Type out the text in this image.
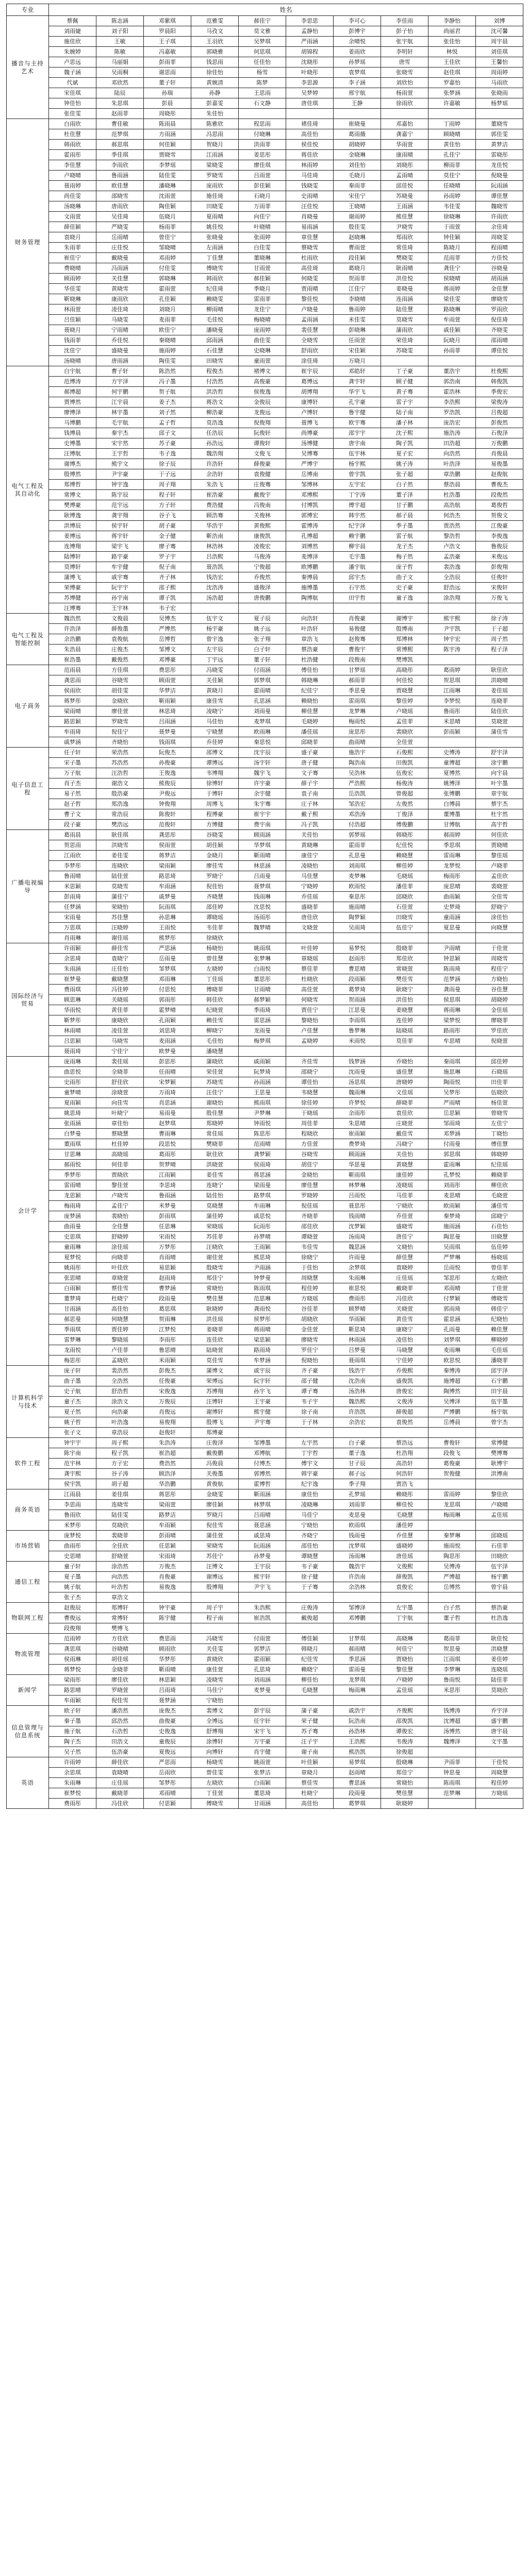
专业	姓名									
播音与主持艺术	蔡佩	陈志涵	邓紫琪	范雅雯	郝佳宁	李思思	李可心	李佳雨	李静怡	刘博
	刘雨婕	刘子阳	罗晨阳	马孜文	莫文雅	孟静怡	彭博宇	彭子怡	尚丽君	沈可馨
	施佳欣	王敏	王子琪	王羽欣	吴梦琪	严雨涵	余晴悦	张宇航	张佳怡	周宇晨
	朱婉婷	陈敏	冯嘉敏	郭晓雅	何思琪	胡锦程	姜雨欣	李明轩	林悦	刘佳琪
	卢思远	马丽娟	彭雨菲	钱思雨	任佳怡	沈晓彤	孙梦瑶	唐雪	王佳欣	王馨怡
	魏子涵	吴雨桐	谢思雨	徐佳怡	杨雪	叶晓彤	袁梦琪	张晓雪	赵佳琪	周雨婷
	代斌	邓欣然	董子轩	黄婉清	陈梦	李思源	李子涵	刘欣怡	罗嘉怡	马雨欣
	宋佳琪	陆辰	孙瑞	孙静	王思雨	吴梦婷	邢宇航	杨雨萱	张梦涵	张晓雨
	钟佳怡	朱思琪	彭晨	彭嘉雯	石文静	唐佳琪	王静	徐雨欣	许嘉敏	杨梦瑶
	张佳雯	赵雨菲	周晓彤	朱佳怡						
财务管理	白雨欣	曹佳敏	陈雨晨	陈雅欣	程思雨	褚佳琦	崔晓曼	邓嘉怡	丁雨婷	董晓雪
	杜佳慧	范梦琪	方雨涵	冯思雨	付晓琳	高佳怡	葛雨薇	龚嘉宁	顾晓晴	郭佳雯
	韩雨欣	郝思琪	何佳颖	贺晓月	洪雨菲	侯佳悦	胡晓婷	华雨萱	黄佳怡	黄梦洁
	霍雨彤	季佳琪	贾晓雪	江雨涵	姜思彤	蒋佳欣	金晓琳	康雨晴	孔佳宁	雷晓彤
	李佳慧	李雨欣	李梦瑶	梁晓雯	廖佳琪	林雨婷	刘佳怡	刘晓彤	柳雨菲	龙佳悦
	卢晓晴	鲁雨涵	陆佳雯	罗晓雪	吕雨萱	马佳琦	毛晓月	孟雨晴	莫佳宁	倪晓曼
	聂雨婷	欧佳慧	潘晓琳	庞雨欣	彭佳颖	钱晓雯	秦雨菲	邱佳悦	任晓晴	阮雨涵
	尚佳雯	邵晓雪	沈雨萱	施佳琦	石晓月	史雨晴	宋佳宁	苏晓曼	孙雨婷	谭佳慧
	汤晓琳	唐雨欣	陶佳颖	田晓雯	万雨菲	汪佳悦	王晓晴	王雨涵	韦佳雯	魏晓雪
	文雨萱	吴佳琦	伍晓月	夏雨晴	向佳宁	肖晓曼	谢雨婷	熊佳慧	徐晓琳	许雨欣
	薛佳颖	严晓雯	杨雨菲	姚佳悦	叶晓晴	易雨涵	殷佳雯	尹晓雪	于雨萱	余佳琦
	袁晓月	岳雨晴	曾佳宁	张晓曼	张雨婷	章佳慧	赵晓琳	郑雨欣	钟佳颖	周晓雯
	朱雨菲	庄佳悦	邹晓晴	左雨涵	白佳雯	蔡晓雪	曹雨萱	常佳琦	陈晓月	程雨晴
	崔佳宁	戴晓曼	邓雨婷	丁佳慧	董晓琳	杜雨欣	段佳颖	樊晓雯	范雨菲	方佳悦
	费晓晴	冯雨涵	付佳雯	傅晓雪	甘雨萱	高佳琦	葛晓月	耿雨晴	龚佳宁	谷晓曼
	顾雨婷	关佳慧	郭晓琳	韩雨欣	郝佳颖	何晓雯	贺雨菲	洪佳悦	侯晓晴	胡雨涵
	华佳雯	黄晓雪	霍雨萱	纪佳琦	季晓月	贾雨晴	江佳宁	姜晓曼	蒋雨婷	金佳慧
	靳晓琳	康雨欣	孔佳颖	赖晓雯	雷雨菲	黎佳悦	李晓晴	连雨涵	梁佳雯	廖晓雪
	林雨萱	凌佳琦	刘晓月	柳雨晴	龙佳宁	卢晓曼	鲁雨婷	陆佳慧	路晓琳	罗雨欣
	吕佳颖	马晓雯	麦雨菲	毛佳悦	梅晓晴	孟雨涵	米佳雯	莫晓雪	牟雨萱	倪佳琦
	聂晓月	宁雨晴	欧佳宁	潘晓曼	庞雨婷	裴佳慧	彭晓琳	蒲雨欣	戚佳颖	齐晓雯
	钱雨菲	乔佳悦	秦晓晴	邱雨涵	曲佳雯	全晓雪	任雨萱	荣佳琦	阮晓月	邵雨晴
	沈佳宁	盛晓曼	施雨婷	石佳慧	史晓琳	舒雨欣	宋佳颖	苏晓雯	孙雨菲	谭佳悦
	汤晓晴	唐雨涵	陶佳雯	田晓雪	童雨萱	涂佳琦	万晓月			
电气工程及其自动化	白宇航	曹子轩	陈浩然	程俊杰	褚博文	崔宇辰	邓皓轩	丁子豪	董浩宇	杜俊熙
	范博涛	方宇泽	冯子墨	付浩然	高俊豪	葛博远	龚宇轩	顾子健	郭浩南	韩俊凯
	郝博超	何宇鹏	贺子航	洪浩哲	侯俊逸	胡博翔	华宇飞	黄子骞	霍浩林	季俊宏
	贾博然	江宇晨	姜子杰	蒋浩文	金俊辰	康博轩	孔宇豪	雷子宇	李浩熙	梁俊涛
	廖博泽	林宇墨	刘子然	柳浩豪	龙俊远	卢博轩	鲁宇健	陆子南	罗浩凯	吕俊超
	马博鹏	毛宇航	孟子哲	莫浩逸	倪俊翔	聂博飞	欧宇骞	潘子林	庞浩宏	彭俊然
	钱博晨	秦宇杰	邱子文	任浩辰	阮俊轩	尚博豪	邵宇宇	沈子熙	施浩涛	石俊泽
	史博墨	宋宇然	苏子豪	孙浩远	谭俊轩	汤博健	唐宇南	陶子凯	田浩超	万俊鹏
	汪博航	王宇哲	韦子逸	魏浩翔	文俊飞	吴博骞	伍宇林	夏子宏	向浩然	肖俊晨
	谢博杰	熊宇文	徐子辰	许浩轩	薛俊豪	严博宇	杨宇熙	姚子涛	叶浩泽	易俊墨
	殷博然	尹宇豪	于子远	余浩轩	袁俊健	岳博南	曾宇凯	张子超	章浩鹏	赵俊航
	郑博哲	钟宇逸	周子翔	朱浩飞	庄俊骞	邹博林	左宇宏	白子然	蔡浩晨	曹俊杰
	常博文	陈宇辰	程子轩	崔浩豪	戴俊宇	邓博熙	丁宇涛	董子泽	杜浩墨	段俊然
	樊博豪	范宇远	方子轩	费浩健	冯俊南	付博凯	傅宇超	甘子鹏	高浩航	葛俊哲
	耿博逸	龚宇翔	谷子飞	顾浩骞	关俊林	郭博宏	韩宇然	郝子晨	何浩杰	贺俊文
	洪博辰	侯宇轩	胡子豪	华浩宇	黄俊熙	霍博涛	纪宇泽	季子墨	贾浩然	江俊豪
	姜博远	蒋宇轩	金子健	靳浩南	康俊凯	孔博超	赖宇鹏	雷子航	黎浩哲	李俊逸
	连博翔	梁宇飞	廖子骞	林浩林	凌俊宏	刘博然	柳宇晨	龙子杰	卢浩文	鲁俊辰
	陆博轩	路宇豪	罗子宇	吕浩熙	马俊涛	麦博泽	毛宇墨	梅子然	孟浩豪	米俊远
	莫博轩	牟宇健	倪子南	聂浩凯	宁俊超	欧博鹏	潘宇航	庞子哲	裴浩逸	彭俊翔
	蒲博飞	戚宇骞	齐子林	钱浩宏	乔俊然	秦博晨	邱宇杰	曲子文	全浩辰	任俊轩
	荣博豪	阮宇宇	邵子熙	沈浩涛	盛俊泽	施博墨	石宇然	史子豪	舒浩远	宋俊轩
	苏博健	孙宇南	谭子凯	汤浩超	唐俊鹏	陶博航	田宇哲	童子逸	涂浩翔	万俊飞
	汪博骞	王宇林	韦子宏							
电气工程及智能控制	魏浩然	文俊晨	吴博杰	伍宇文	夏子辰	向浩轩	肖俊豪	谢博宇	熊宇熙	徐子涛
	许浩泽	薛俊墨	严博然	杨宇豪	姚子远	叶浩轩	易俊健	殷博南	尹宇凯	于子超
	余浩鹏	袁俊航	岳博哲	曾宇逸	张子翔	章浩飞	赵俊骞	郑博林	钟宇宏	周子然
	朱浩晨	庄俊杰	邹博文	左宇辰	白子轩	蔡浩豪	曹俊宇	常博熙	陈宇涛	程子泽
	崔浩墨	戴俊然	邓博豪	丁宇远	董子轩	杜浩健	段俊南	樊博凯		
电子商务	范雨晨	方佳琪	费思彤	冯晓雯	付雨涵	傅佳怡	甘梦瑶	高晓彤	葛雨婷	耿佳欣
	龚思雨	谷晓雪	顾雨萱	关佳颖	郭梦琪	韩晓琳	郝雨菲	何佳悦	贺思琪	洪晓晴
	侯雨欣	胡佳雯	华梦洁	黄晓月	霍雨晴	纪佳宁	季思曼	贾晓慧	江雨琳	姜佳瑶
	蒋梦彤	金晓欣	靳雨颖	康佳雪	孔思涵	赖晓怡	雷雨琪	黎佳婷	李梦悦	连晓菲
	梁雨晴	廖佳萱	林思琦	凌晓宁	刘雨曼	柳佳慧	龙梦琳	卢晓瑶	鲁雨彤	陆佳欣
	路思颖	罗晓雪	吕雨涵	马佳怡	麦梦琪	毛晓婷	梅雨悦	孟佳菲	米思晴	莫晓萱
	牟雨琦	倪佳宁	聂梦曼	宁晓慧	欧雨琳	潘佳瑶	庞思彤	裴晓欣	彭雨颖	蒲佳雪
	戚梦涵	齐晓怡	钱雨琪	乔佳婷	秦思悦	邱晓菲	曲雨晴	全佳萱		
电子信息工程	任子轩	荣浩然	阮俊杰	邵博文	沈宇辰	盛子豪	施浩宇	石俊熙	史博涛	舒宇泽
	宋子墨	苏浩然	孙俊豪	谭博远	汤宇轩	唐子健	陶浩南	田俊凯	童博超	涂宇鹏
	万子航	汪浩哲	王俊逸	韦博翔	魏宇飞	文子骞	吴浩林	伍俊宏	夏博然	向宇晨
	肖子杰	谢浩文	熊俊辰	徐博轩	许宇豪	薛子宇	严浩熙	杨俊涛	姚博泽	叶宇墨
	易子然	殷浩豪	尹俊远	于博轩	余宇健	袁子南	岳浩凯	曾俊超	张博鹏	章宇航
	赵子哲	郑浩逸	钟俊翔	周博飞	朱宇骞	庄子林	邹浩宏	左俊然	白博晨	蔡宇杰
	曹子文	常浩辰	陈俊轩	程博豪	崔宇宇	戴子熙	邓浩涛	丁俊泽	董博墨	杜宇然
	段子豪	樊浩远	范俊轩	方博健	费宇南	冯子凯	付浩超	傅俊鹏	甘博航	高宇哲
广播电视编导	葛雨晨	耿佳琪	龚思彤	谷晓雯	顾雨涵	关佳怡	郭梦瑶	韩晓彤	郝雨婷	何佳欣
	贺思雨	洪晓雪	侯雨萱	胡佳颖	华梦琪	黄晓琳	霍雨菲	纪佳悦	季思琪	贾晓晴
	江雨欣	姜佳雯	蒋梦洁	金晓月	靳雨晴	康佳宁	孔思曼	赖晓慧	雷雨琳	黎佳瑶
	李梦彤	连晓欣	梁雨颖	廖佳雪	林思涵	凌晓怡	刘雨琪	柳佳婷	龙梦悦	卢晓菲
	鲁雨晴	陆佳萱	路思琦	罗晓宁	吕雨曼	马佳慧	麦梦琳	毛晓瑶	梅雨彤	孟佳欣
	米思颖	莫晓雪	牟雨涵	倪佳怡	聂梦琪	宁晓婷	欧雨悦	潘佳菲	庞思晴	裴晓萱
	彭雨琦	蒲佳宁	戚梦曼	齐晓慧	钱雨琳	乔佳瑶	秦思彤	邱晓欣	曲雨颖	全佳雪
	任梦涵	荣晓怡	阮雨琪	邵佳婷	沈思悦	盛晓菲	施雨晴	石佳萱	史梦琦	舒晓宁
	宋雨曼	苏佳慧	孙思琳	谭晓瑶	汤雨彤	唐佳欣	陶梦颖	田晓雪	童雨涵	涂佳怡
	万思琪	汪晓婷	王雨悦	韦佳菲	魏梦晴	文晓萱	吴雨琦	伍佳宁	夏思曼	向晓慧
	肖雨琳	谢佳瑶	熊梦彤	徐晓欣						
国际经济与贸易	许雨颖	薛佳雪	严思涵	杨晓怡	姚雨琪	叶佳婷	易梦悦	殷晓菲	尹雨晴	于佳萱
	余思琦	袁晓宁	岳雨曼	曾佳慧	张梦琳	章晓瑶	赵雨彤	郑佳欣	钟思颖	周晓雪
	朱雨涵	庄佳怡	邹梦琪	左晓婷	白雨悦	蔡佳菲	曹思晴	常晓萱	陈雨琦	程佳宁
	崔梦曼	戴晓慧	邓雨琳	丁佳瑶	董思彤	杜晓欣	段雨颖	樊佳雪	范梦涵	方晓怡
	费雨琪	冯佳婷	付思悦	傅晓菲	甘雨晴	高佳萱	葛梦琦	耿晓宁	龚雨曼	谷佳慧
	顾思琳	关晓瑶	郭雨彤	韩佳欣	郝梦颖	何晓雪	贺雨涵	洪佳怡	侯思琪	胡晓婷
	华雨悦	黄佳菲	霍梦晴	纪晓萱	季雨琦	贾佳宁	江思曼	姜晓慧	蒋雨琳	金佳瑶
	靳梦彤	康晓欣	孔雨颖	赖佳雪	雷思涵	黎晓怡	李雨琪	连佳婷	梁梦悦	廖晓菲
	林雨晴	凌佳萱	刘思琦	柳晓宁	龙雨曼	卢佳慧	鲁梦琳	陆晓瑶	路雨彤	罗佳欣
	吕思颖	马晓雪	麦雨涵	毛佳怡	梅梦琪	孟晓婷	米雨悦	莫佳菲	牟思晴	倪晓萱
	聂雨琦	宁佳宁	欧梦曼	潘晓慧						
会计学	庞雨琳	裴佳瑶	彭思彤	蒲晓欣	戚雨颖	齐佳雪	钱梦涵	乔晓怡	秦雨琪	邱佳婷
	曲思悦	全晓菲	任雨晴	荣佳萱	阮梦琦	邵晓宁	沈雨曼	盛佳慧	施思琳	石晓瑶
	史雨彤	舒佳欣	宋梦颖	苏晓雪	孙雨涵	谭佳怡	汤思琪	唐晓婷	陶雨悦	田佳菲
	童梦晴	涂晓萱	万雨琦	汪佳宁	王思曼	韦晓慧	魏雨琳	文佳瑶	吴梦彤	伍晓欣
	夏雨颖	向佳雪	肖思涵	谢晓怡	熊雨琪	徐佳婷	许梦悦	薛晓菲	严雨晴	杨佳萱
	姚思琦	叶晓宁	易雨曼	殷佳慧	尹梦琳	于晓瑶	余雨彤	袁佳欣	岳思颖	曾晓雪
	张雨涵	章佳怡	赵梦琪	郑晓婷	钟雨悦	周佳菲	朱思晴	庄晓萱	邹雨琦	左佳宁
	白梦曼	蔡晓慧	曹雨琳	常佳瑶	陈思彤	程晓欣	崔雨颖	戴佳雪	邓梦涵	丁晓怡
	董雨琪	杜佳婷	段思悦	樊晓菲	范雨晴	方佳萱	费梦琦	冯晓宁	付雨曼	傅佳慧
	甘思琳	高晓瑶	葛雨彤	耿佳欣	龚梦颖	谷晓雪	顾雨涵	关佳怡	郭思琪	韩晓婷
	郝雨悦	何佳菲	贺梦晴	洪晓萱	侯雨琦	胡佳宁	华思曼	黄晓慧	霍雨琳	纪佳瑶
	季梦彤	贾晓欣	江雨颖	姜佳雪	蒋思涵	金晓怡	靳雨琪	康佳婷	孔梦悦	赖晓菲
	雷雨晴	黎佳萱	李思琦	连晓宁	梁雨曼	廖佳慧	林梦琳	凌晓瑶	刘雨彤	柳佳欣
	龙思颖	卢晓雪	鲁雨涵	陆佳怡	路梦琪	罗晓婷	吕雨悦	马佳菲	麦思晴	毛晓萱
	梅雨琦	孟佳宁	米梦曼	莫晓慧	牟雨琳	倪佳瑶	聂思彤	宁晓欣	欧雨颖	潘佳雪
	庞梦涵	裴晓怡	彭雨琪	蒲佳婷	戚思悦	齐晓菲	钱雨晴	乔佳萱	秦梦琦	邱晓宁
	曲雨曼	全佳慧	任思琳	荣晓瑶	阮雨彤	邵佳欣	沈梦颖	盛晓雪	施雨涵	石佳怡
	史思琪	舒晓婷	宋雨悦	苏佳菲	孙梦晴	谭晓萱	汤雨琦	唐佳宁	陶思曼	田晓慧
	童雨琳	涂佳瑶	万梦彤	汪晓欣	王雨颖	韦佳雪	魏思涵	文晓怡	吴雨琪	伍佳婷
	夏梦悦	向晓菲	肖雨晴	谢佳萱	熊思琦	徐晓宁	许雨曼	薛佳慧	严梦琳	杨晓瑶
	姚雨彤	叶佳欣	易思颖	殷晓雪	尹雨涵	于佳怡	余梦琪	袁晓婷	岳雨悦	曾佳菲
	张思晴	章晓萱	赵雨琦	郑佳宁	钟梦曼	周晓慧	朱雨琳	庄佳瑶	邹思彤	左晓欣
	白雨颖	蔡佳雪	曹梦涵	常晓怡	陈雨琪	程佳婷	崔思悦	戴晓菲	邓雨晴	丁佳萱
	董梦琦	杜晓宁	段雨曼	樊佳慧	范思琳	方晓瑶	费雨彤	冯佳欣	付梦颖	傅晓雪
	甘雨涵	高佳怡	葛思琪	耿晓婷	龚雨悦	谷佳菲	顾梦晴	关晓萱	郭雨琦	韩佳宁
	郝思曼	何晓慧	贺雨琳	洪佳瑶	侯梦彤	胡晓欣	华雨颖	黄佳雪	霍思涵	纪晓怡
	季雨琪	贾佳婷	江梦悦	姜晓菲	蒋雨晴	金佳萱	靳思琦	康晓宁	孔雨曼	赖佳慧
	雷梦琳	黎晓瑶	李雨彤	连佳欣	梁思颖	廖晓雪	林雨涵	凌佳怡	刘梦琪	柳晓婷
	龙雨悦	卢佳菲	鲁思晴	陆晓萱	路雨琦	罗佳宁	吕梦曼	马晓慧	麦雨琳	毛佳瑶
	梅思彤	孟晓欣	米雨颖	莫佳雪	牟梦涵	倪晓怡	聂雨琪	宁佳婷	欧思悦	潘晓菲
计算机科学与技术	庞子轩	裴浩然	彭俊杰	蒲博文	戚宇辰	齐子豪	钱浩宇	乔俊熙	秦博涛	邱宇泽
	曲子墨	全浩然	任俊豪	荣博远	阮宇轩	邵子健	沈浩南	盛俊凯	施博超	石宇鹏
	史子航	舒浩哲	宋俊逸	苏博翔	孙宇飞	谭子骞	汤浩林	唐俊宏	陶博然	田宇晨
	童子杰	涂浩文	万俊辰	汪博轩	王宇豪	韦子宇	魏浩熙	文俊涛	吴博泽	伍宇墨
	夏子然	向浩豪	肖俊远	谢博轩	熊宇健	徐子南	许浩凯	薛俊超	严博鹏	杨宇航
	姚子哲	叶浩逸	易俊翔	殷博飞	尹宇骞	于子林	余浩宏	袁俊然	岳博晨	曾宇杰
	张子文	章浩辰	赵俊轩	郑博豪						
软件工程	钟宇宇	周子熙	朱浩涛	庄俊泽	邹博墨	左宇然	白子豪	蔡浩远	曹俊轩	常博健
	陈宇南	程子凯	崔浩超	戴俊鹏	邓博航	丁宇哲	董子逸	杜浩翔	段俊飞	樊博骞
	范宇林	方子宏	费浩然	冯俊晨	付博杰	傅宇文	甘子辰	高浩轩	葛俊豪	耿博宇
	龚宇熙	谷子涛	顾浩泽	关俊墨	郭博然	韩宇豪	郝子远	何浩轩	贺俊健	洪博南
	侯宇凯	胡子超	华浩鹏	黄俊航	霍博哲	纪宇逸	季子翔	贾浩飞		
商务英语	江雨晨	姜佳琪	蒋思彤	金晓雯	靳雨涵	康佳怡	孔梦瑶	赖晓彤	雷雨婷	黎佳欣
	李思雨	连晓雪	梁雨萱	廖佳颖	林梦琪	凌晓琳	刘雨菲	柳佳悦	龙思琪	卢晓晴
	鲁雨欣	陆佳雯	路梦洁	罗晓月	吕雨晴	马佳宁	麦思曼	毛晓慧	梅雨琳	孟佳瑶
	米梦彤	莫晓欣	牟雨颖	倪佳雪	聂思涵	宁晓怡	欧雨琪	潘佳婷		
市场营销	庞梦悦	裴晓菲	彭雨晴	蒲佳萱	戚思琦	齐晓宁	钱雨曼	乔佳慧	秦梦琳	邱晓瑶
	曲雨彤	全佳欣	任思颖	荣晓雪	阮雨涵	邵佳怡	沈梦琪	盛晓婷	施雨悦	石佳菲
	史思晴	舒晓萱	宋雨琦	苏佳宁	孙梦曼	谭晓慧	汤雨琳	唐佳瑶	陶思彤	田晓欣
通信工程	童子轩	涂浩然	万俊杰	汪博文	王宇辰	韦子豪	魏浩宇	文俊熙	吴博涛	伍宇泽
	夏子墨	向浩然	肖俊豪	谢博远	熊宇轩	徐子健	许浩南	薛俊凯	严博超	杨宇鹏
	姚子航	叶浩哲	易俊逸	殷博翔	尹宇飞	于子骞	余浩林	袁俊宏	岳博然	曾宇晨
	张子杰	章浩文								
物联网工程	赵俊辰	郑博轩	钟宇豪	周子宇	朱浩熙	庄俊涛	邹博泽	左宇墨	白子然	蔡浩豪
	曹俊远	常博轩	陈宇健	程子南	崔浩凯	戴俊超	邓博鹏	丁宇航	董子哲	杜浩逸
	段俊翔	樊博飞								
物流管理	范雨婷	方佳欣	费思雨	冯晓雪	付雨萱	傅佳颖	甘梦琪	高晓琳	葛雨菲	耿佳悦
	龚思琪	谷晓晴	顾雨欣	关佳雯	郭梦洁	韩晓月	郝雨晴	何佳宁	贺思曼	洪晓慧
	侯雨琳	胡佳瑶	华梦彤	黄晓欣	霍雨颖	纪佳雪	季思涵	贾晓怡	江雨琪	姜佳婷
	蒋梦悦	金晓菲	靳雨晴	康佳萱	孔思琦	赖晓宁	雷雨曼	黎佳慧	李梦琳	连晓瑶
新闻学	梁雨彤	廖佳欣	林思颖	凌晓雪	刘雨涵	柳佳怡	龙梦琪	卢晓婷	鲁雨悦	陆佳菲
	路思晴	罗晓萱	吕雨琦	马佳宁	麦梦曼	毛晓慧	梅雨琳	孟佳瑶	米思彤	莫晓欣
	牟雨颖	倪佳雪	聂梦涵	宁晓怡						
信息管理与信息系统	欧子轩	潘浩然	庞俊杰	裴博文	彭宇辰	蒲子豪	戚浩宇	齐俊熙	钱博涛	乔宇泽
	秦子墨	邱浩然	曲俊豪	全博远	任宇轩	荣子健	阮浩南	邵俊凯	沈博超	盛宇鹏
	施子航	石浩哲	史俊逸	舒博翔	宋宇飞	苏子骞	孙浩林	谭俊宏	汤博然	唐宇晨
	陶子杰	田浩文	童俊辰	涂博轩	万宇豪	汪子宇	王浩熙	韦俊涛	魏博泽	文宇墨
	吴子然	伍浩豪	夏俊远	向博轩	肖宇健	谢子南	熊浩凯	徐俊超		
英语	许雨婷	薛佳欣	严思雨	杨晓雪	姚雨萱	叶佳颖	易梦琪	殷晓琳	尹雨菲	于佳悦
	余思琪	袁晓晴	岳雨欣	曾佳雯	张梦洁	章晓月	赵雨晴	郑佳宁	钟思曼	周晓慧
	朱雨琳	庄佳瑶	邹梦彤	左晓欣	白雨颖	蔡佳雪	曹思涵	常晓怡	陈雨琪	程佳婷
	崔梦悦	戴晓菲	邓雨晴	丁佳萱	董思琦	杜晓宁	段雨曼	樊佳慧	范梦琳	方晓瑶
	费雨彤	冯佳欣	付思颖	傅晓雪	甘雨涵	高佳怡	葛梦琪	耿晓婷		
